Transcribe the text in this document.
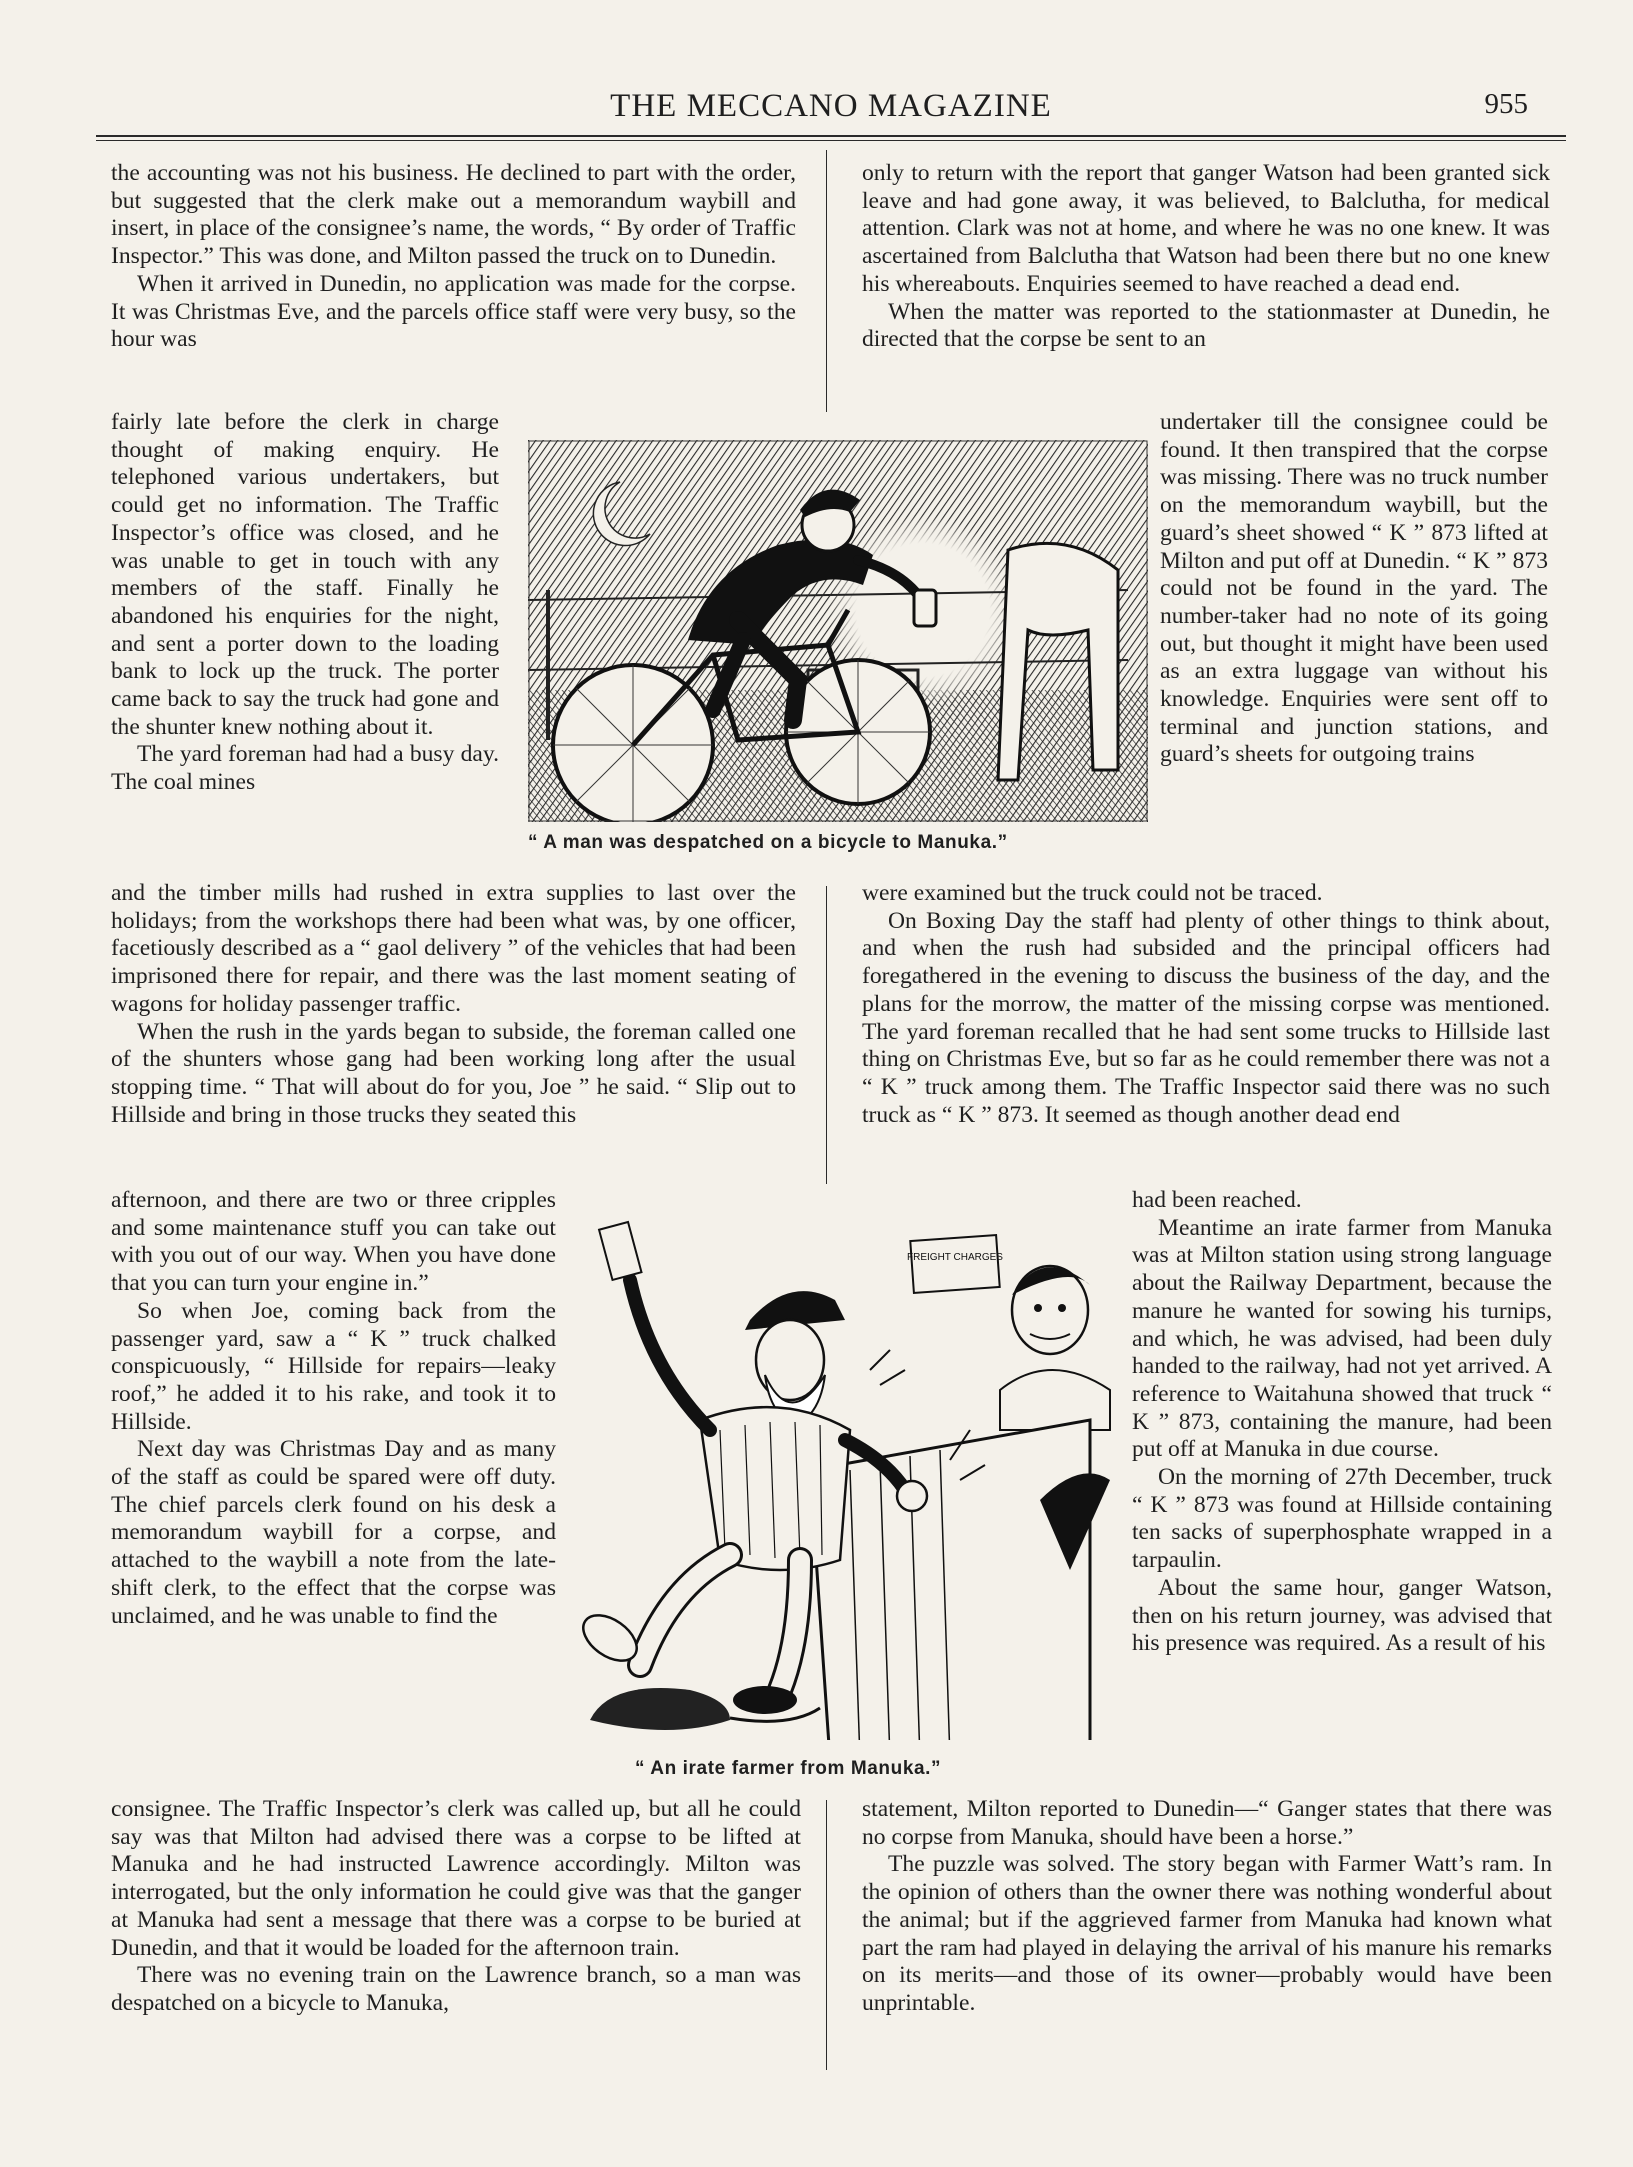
THE MECCANO MAGAZINE	955

the accounting was not his business. He declined to part with the order, but suggested that the clerk make out a memorandum waybill and insert, in place of the consignee’s name, the words, “ By order of Traffic Inspector.” This was done, and Milton passed the truck on to Dunedin.

When it arrived in Dunedin, no application was made for the corpse. It was Christmas Eve, and the parcels office staff were very busy, so the hour was

fairly late before the clerk in charge thought of making enquiry. He telephoned various undertakers, but could get no information. The Traffic Inspector’s office was closed, and he was unable to get in touch with any members of the staff. Finally he abandoned his enquiries for the night, and sent a porter down to the loading bank to lock up the truck. The porter came back to say the truck had gone and the shunter knew nothing about it.

The yard foreman had had a busy day. The coal mines

and the timber mills had rushed in extra supplies to last over the holidays; from the workshops there had been what was, by one officer, facetiously described as a “ gaol delivery ” of the vehicles that had been imprisoned there for repair, and there was the last moment seating of wagons for holiday passenger traffic.

When the rush in the yards began to subside, the foreman called one of the shunters whose gang had been working long after the usual stopping time. “ That will about do for you, Joe ” he said. “ Slip out to Hillside and bring in those trucks they seated this

afternoon, and there are two or three cripples and some maintenance stuff you can take out with you out of our way. When you have done that you can turn your engine in.”

So when Joe, coming back from the passenger yard, saw a “ K ” truck chalked conspicuously, “ Hillside for repairs—leaky roof,” he added it to his rake, and took it to Hillside.

Next day was Christmas Day and as many of the staff as could be spared were off duty. The chief parcels clerk found on his desk a memorandum waybill for a corpse, and attached to the waybill a note from the late-shift clerk, to the effect that the corpse was unclaimed, and he was unable to find the

consignee. The Traffic Inspector’s clerk was called up, but all he could say was that Milton had advised there was a corpse to be lifted at Manuka and he had instructed Lawrence accordingly. Milton was interrogated, but the only information he could give was that the ganger at Manuka had sent a message that there was a corpse to be buried at Dunedin, and that it would be loaded for the afternoon train.

There was no evening train on the Lawrence branch, so a man was despatched on a bicycle to Manuka,

only to return with the report that ganger Watson had been granted sick leave and had gone away, it was believed, to Balclutha, for medical attention. Clark was not at home, and where he was no one knew. It was ascertained from Balclutha that Watson had been there but no one knew his whereabouts. Enquiries seemed to have reached a dead end.

When the matter was reported to the stationmaster at Dunedin, he directed that the corpse be sent to an

undertaker till the consignee could be found. It then transpired that the corpse was missing. There was no truck number on the memorandum waybill, but the guard’s sheet showed “ K ” 873 lifted at Milton and put off at Dunedin. “ K ” 873 could not be found in the yard. The number-taker had no note of its going out, but thought it might have been used as an extra luggage van without his knowledge. Enquiries were sent off to terminal and junction stations, and guard’s sheets for outgoing trains

were examined but the truck could not be traced.

On Boxing Day the staff had plenty of other things to think about, and when the rush had subsided and the principal officers had foregathered in the evening to discuss the business of the day, and the plans for the morrow, the matter of the missing corpse was mentioned. The yard foreman recalled that he had sent some trucks to Hillside last thing on Christmas Eve, but so far as he could remember there was not a “ K ” truck among them. The Traffic Inspector said there was no such truck as “ K ” 873. It seemed as though another dead end

had been reached.

Meantime an irate farmer from Manuka was at Milton station using strong language about the Railway Department, because the manure he wanted for sowing his turnips, and which, he was advised, had been duly handed to the railway, had not yet arrived. A reference to Waitahuna showed that truck “ K ” 873, containing the manure, had been put off at Manuka in due course.

On the morning of 27th December, truck “ K ” 873 was found at Hillside containing ten sacks of superphosphate wrapped in a tarpaulin.

About the same hour, ganger Watson, then on his return journey, was advised that his presence was required. As a result of his

statement, Milton reported to Dunedin—“ Ganger states that there was no corpse from Manuka, should have been a horse.”

The puzzle was solved. The story began with Farmer Watt’s ram. In the opinion of others than the owner there was nothing wonderful about the animal; but if the aggrieved farmer from Manuka had known what part the ram had played in delaying the arrival of his manure his remarks on its merits—and those of its owner—probably would have been unprintable.

“ A man was despatched on a bicycle to Manuka.”
FREIGHT CHARGES
“ An irate farmer from Manuka.”
